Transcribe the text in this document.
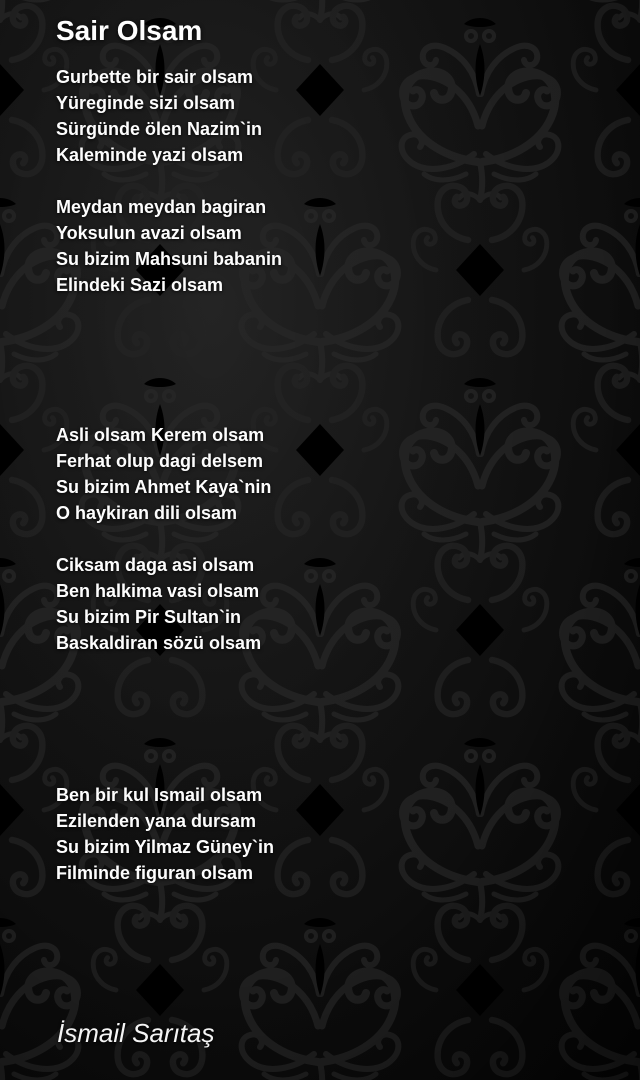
Sair Olsam
Gurbette bir sair olsam
Yüreginde sizi olsam
Sürgünde ölen Nazim`in
Kaleminde yazi olsam
Meydan meydan bagiran
Yoksulun avazi olsam
Su bizim Mahsuni babanin
Elindeki Sazi olsam
Asli olsam Kerem olsam
Ferhat olup dagi delsem
Su bizim Ahmet Kaya`nin
O haykiran dili olsam
Ciksam daga asi olsam
Ben halkima vasi olsam
Su bizim Pir Sultan`in
Baskaldiran sözü olsam
Ben bir kul Ismail olsam
Ezilenden yana dursam
Su bizim Yilmaz Güney`in
Filminde figuran olsam
İsmail Sarıtaş
